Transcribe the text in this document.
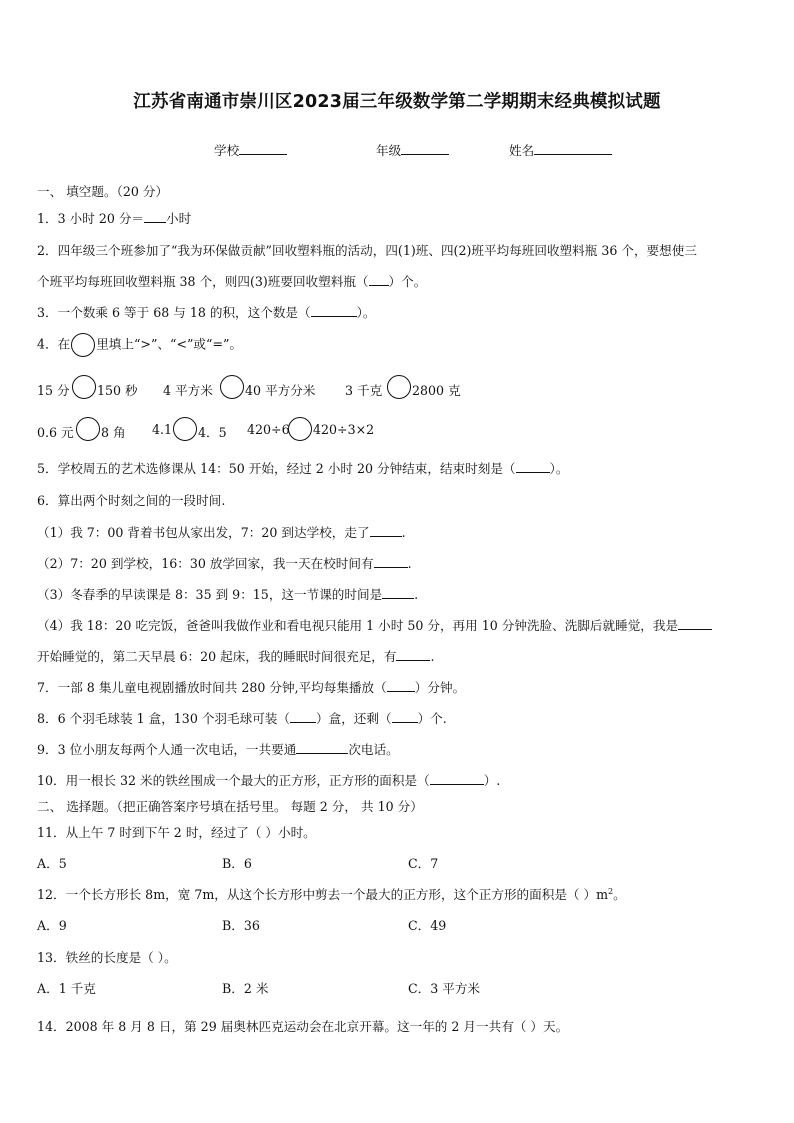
江苏省南通市崇川区2023届三年级数学第二学期期末经典模拟试题
学校	年级	姓名
一、 填空题。（20 分）
1．3 小时 20 分＝ 小时
2．四年级三个班参加了“我为环保做贡献”回收塑料瓶的活动，四(1)班、四(2)班平均每班回收塑料瓶 36 个，要想使三
个班平均每班回收塑料瓶 38 个，则四(3)班要回收塑料瓶（ ）个。
3．一个数乘 6 等于 68 与 18 的积，这个数是（	）。
4．在 里填上“>”、“<”或“=”。
15 分 150 秒 4 平方米	40 平方分米 3 千克 2800 克
0.6 元 8 角 4.1 4．5 420÷6 420÷3×2
5．学校周五的艺术选修课从 14：50 开始，经过 2 小时 20 分钟结束，结束时刻是（	）。
6．算出两个时刻之间的一段时间.
（1）我 7：00 背着书包从家出发，7：20 到达学校，走了	.
（2）7：20 到学校，16：30 放学回家，我一天在校时间有	.
（3）冬春季的早读课是 8：35 到 9：15，这一节课的时间是	.
（4）我 18：20 吃完饭，爸爸叫我做作业和看电视只能用 1 小时 50 分，再用 10 分钟洗脸、洗脚后就睡觉，我是
开始睡觉的，第二天早晨 6：20 起床，我的睡眠时间很充足，有	.
7．一部 8 集儿童电视剧播放时间共 280 分钟,平均每集播放（ ）分钟。
8．6 个羽毛球装 1 盒，130 个羽毛球可装（ ）盒，还剩（ ）个.
9．3 位小朋友每两个人通一次电话，一共要通	次电话。
10．用一根长 32 米的铁丝围成一个最大的正方形，正方形的面积是（	）.
二、 选择题。（把正确答案序号填在括号里。 每题 2 分， 共 10 分）
11．从上午 7 时到下午 2 时，经过了（ ）小时。
A．5	B．6	C．7
12．一个长方形长 8m，宽 7m，从这个长方形中剪去一个最大的正方形，这个正方形的面积是（ ）$m^2$。
A．9	B．36	C．49
13．铁丝的长度是（ ）。
A．1 千克	B．2 米	C．3 平方米
14．2008 年 8 月 8 日，第 29 届奥林匹克运动会在北京开幕。这一年的 2 月一共有（ ）天。
